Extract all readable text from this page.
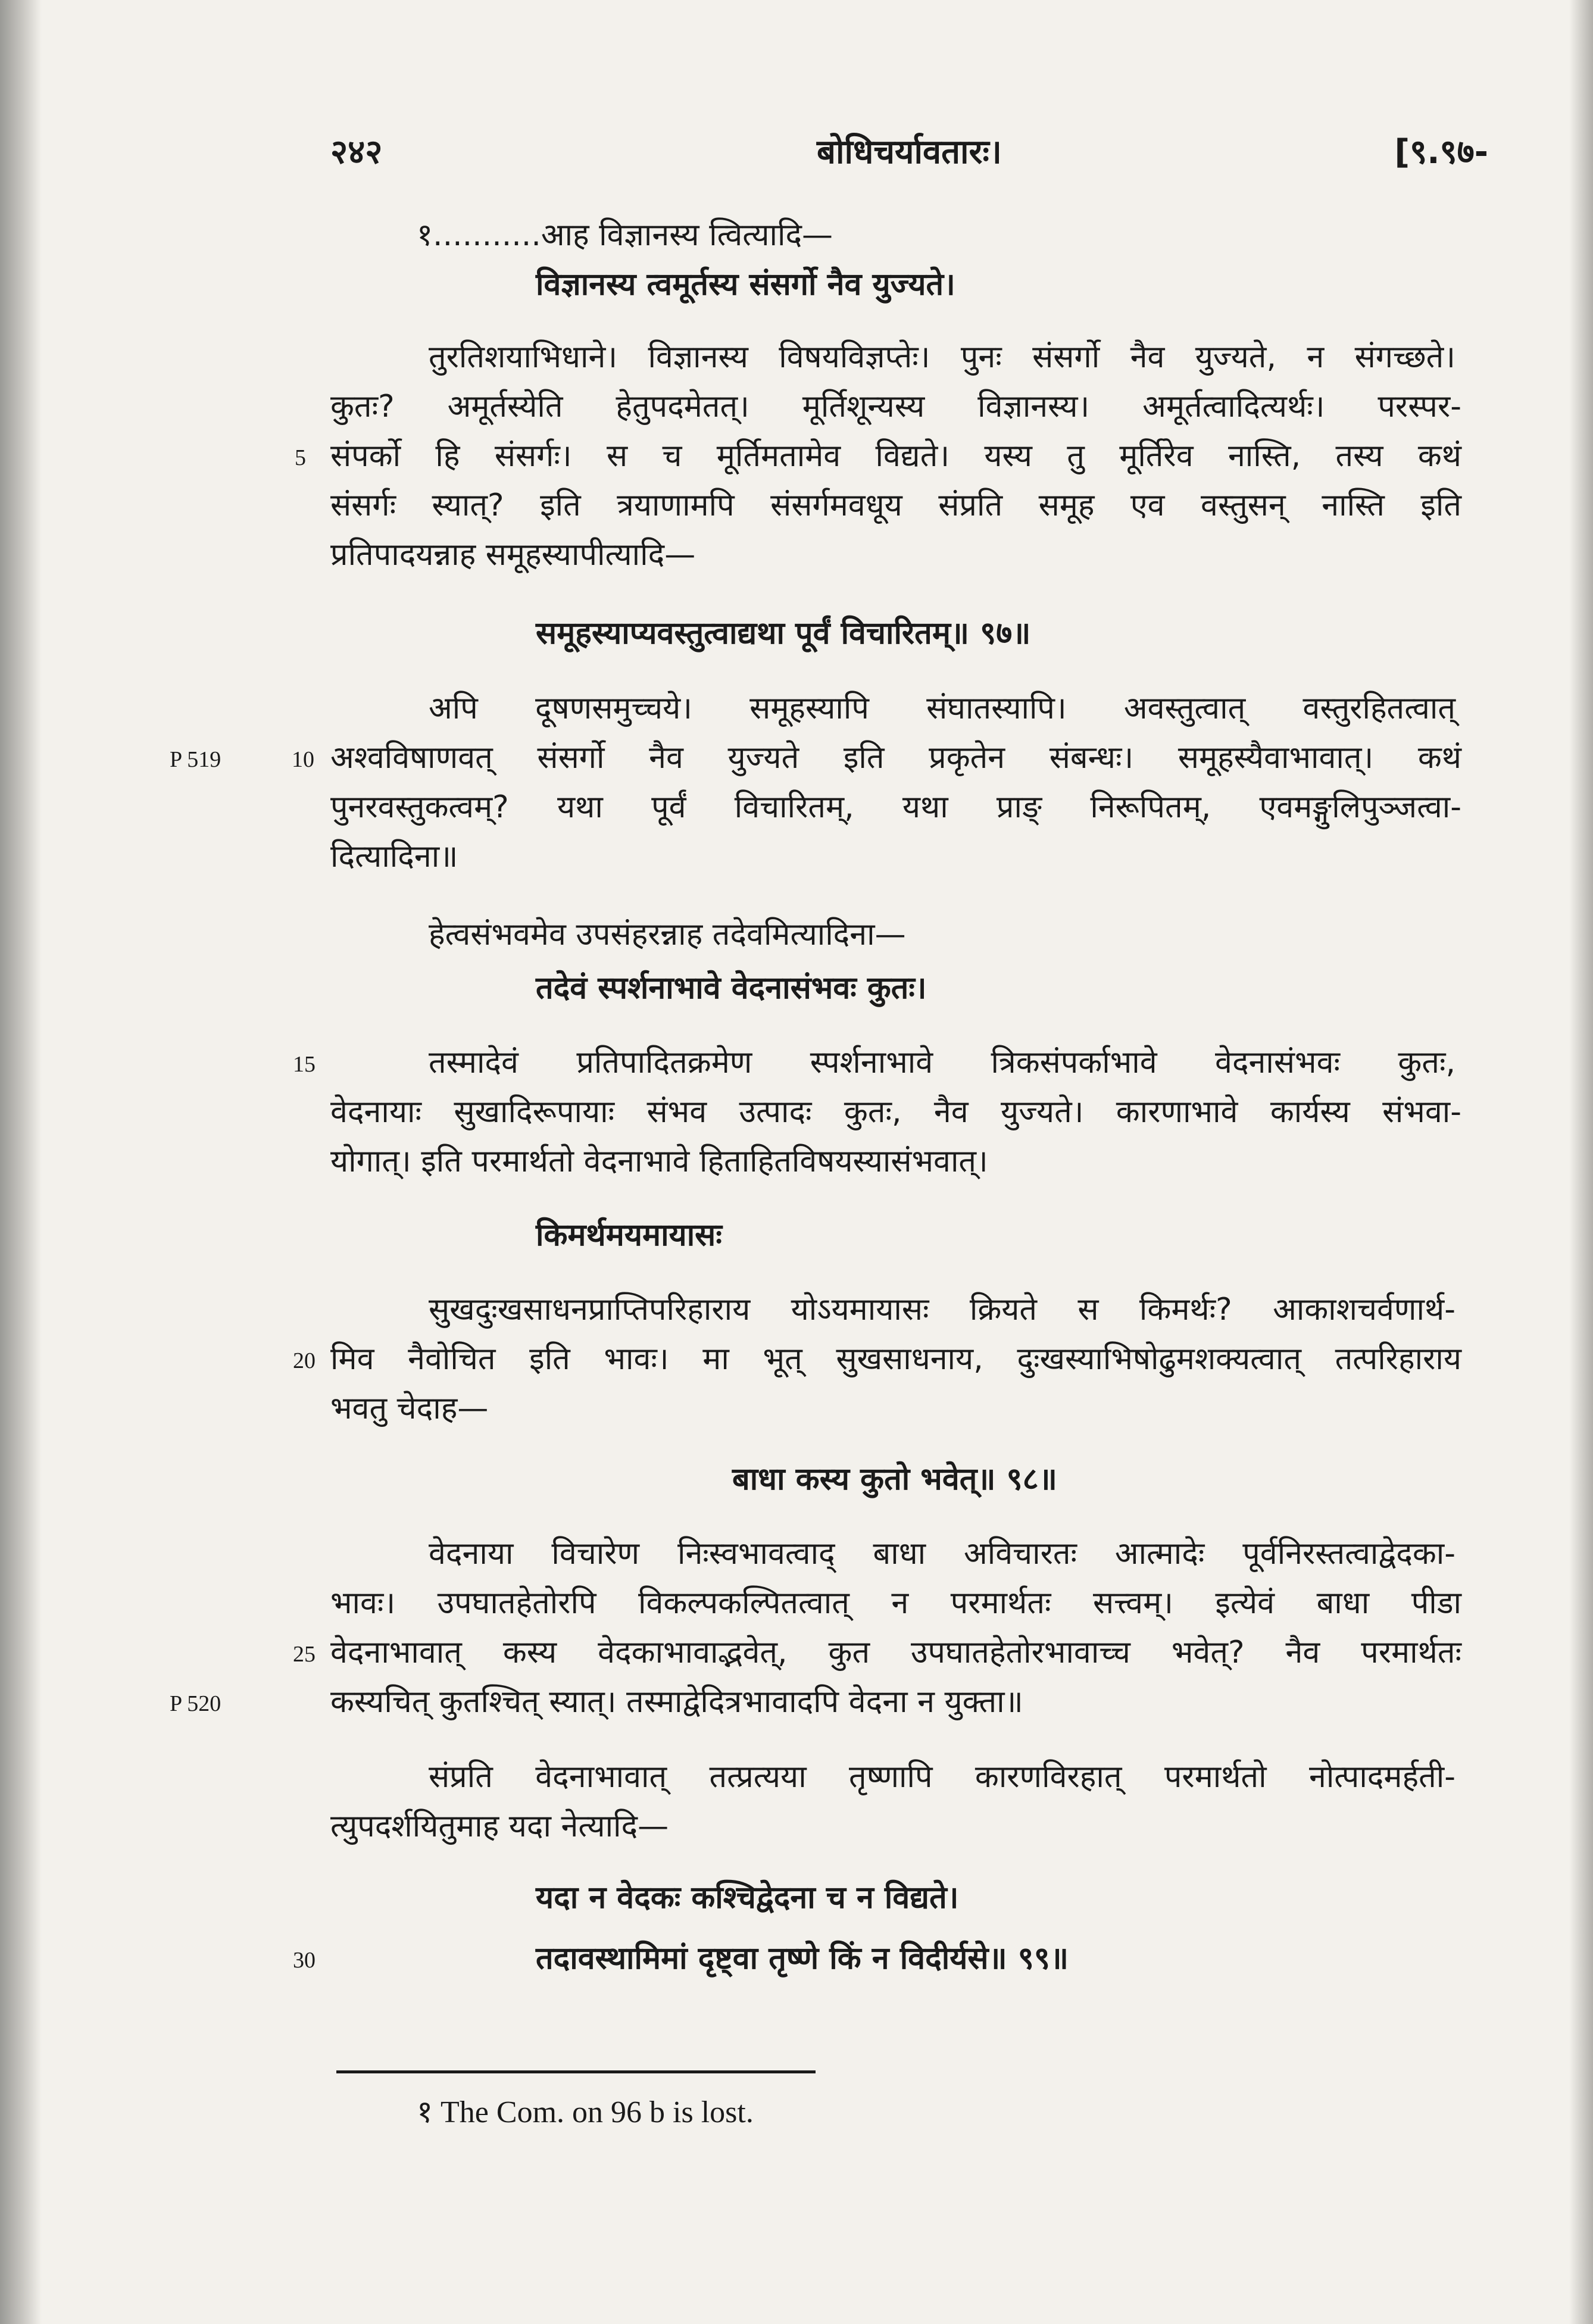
बोधिचर्यावतारः।
२४२	[९.९७-
१...........आह विज्ञानस्य त्वित्यादि—
विज्ञानस्य त्वमूर्तस्य संसर्गो नैव युज्यते।
तुरतिशयाभिधाने। विज्ञानस्य विषयविज्ञप्तेः। पुनः संसर्गो नैव युज्यते, न संगच्छते।
कुतः? अमूर्तस्येति हेतुपदमेतत्। मूर्तिशून्यस्य विज्ञानस्य। अमूर्तत्वादित्यर्थः। परस्पर-
संपर्को हि संसर्गः। स च मूर्तिमतामेव विद्यते। यस्य तु मूर्तिरेव नास्ति, तस्य कथं
संसर्गः स्यात्? इति त्रयाणामपि संसर्गमवधूय संप्रति समूह एव वस्तुसन् नास्ति इति
प्रतिपादयन्नाह समूहस्यापीत्यादि—
समूहस्याप्यवस्तुत्वाद्यथा पूर्वं विचारितम्॥ ९७॥
अपि दूषणसमुच्चये। समूहस्यापि संघातस्यापि। अवस्तुत्वात् वस्तुरहितत्वात्
अश्वविषाणवत् संसर्गो नैव युज्यते इति प्रकृतेन संबन्धः। समूहस्यैवाभावात्। कथं
पुनरवस्तुकत्वम्? यथा पूर्वं विचारितम्, यथा प्राङ् निरूपितम्, एवमङ्गुलिपुञ्जत्वा-
दित्यादिना॥
हेत्वसंभवमेव उपसंहरन्नाह तदेवमित्यादिना—
तदेवं स्पर्शनाभावे वेदनासंभवः कुतः।
तस्मादेवं प्रतिपादितक्रमेण स्पर्शनाभावे त्रिकसंपर्काभावे वेदनासंभवः कुतः,
वेदनायाः सुखादिरूपायाः संभव उत्पादः कुतः, नैव युज्यते। कारणाभावे कार्यस्य संभवा-
योगात्। इति परमार्थतो वेदनाभावे हिताहितविषयस्यासंभवात्।
किमर्थमयमायासः
सुखदुःखसाधनप्राप्तिपरिहाराय योऽयमायासः क्रियते स किमर्थः? आकाशचर्वणार्थ-
मिव नैवोचित इति भावः। मा भूत् सुखसाधनाय, दुःखस्याभिषोढुमशक्यत्वात् तत्परिहाराय
भवतु चेदाह—
बाधा कस्य कुतो भवेत्॥ ९८॥
वेदनाया विचारेण निःस्वभावत्वाद् बाधा अविचारतः आत्मादेः पूर्वनिरस्तत्वाद्वेदका-
भावः। उपघातहेतोरपि विकल्पकल्पितत्वात् न परमार्थतः सत्त्वम्। इत्येवं बाधा पीडा
वेदनाभावात् कस्य वेदकाभावाद्भवेत्, कुत उपघातहेतोरभावाच्च भवेत्? नैव परमार्थतः
कस्यचित् कुतश्चित् स्यात्। तस्माद्वेदित्रभावादपि वेदना न युक्ता॥
संप्रति वेदनाभावात् तत्प्रत्यया तृष्णापि कारणविरहात् परमार्थतो नोत्पादमर्हती-
त्युपदर्शयितुमाह यदा नेत्यादि—
यदा न वेदकः कश्चिद्वेदना च न विद्यते।
तदावस्थामिमां दृष्ट्वा तृष्णे किं न विदीर्यसे॥ ९९॥
5
10
15
20
25
30
P 519
P 520
१ The Com. on 96 b is lost.
